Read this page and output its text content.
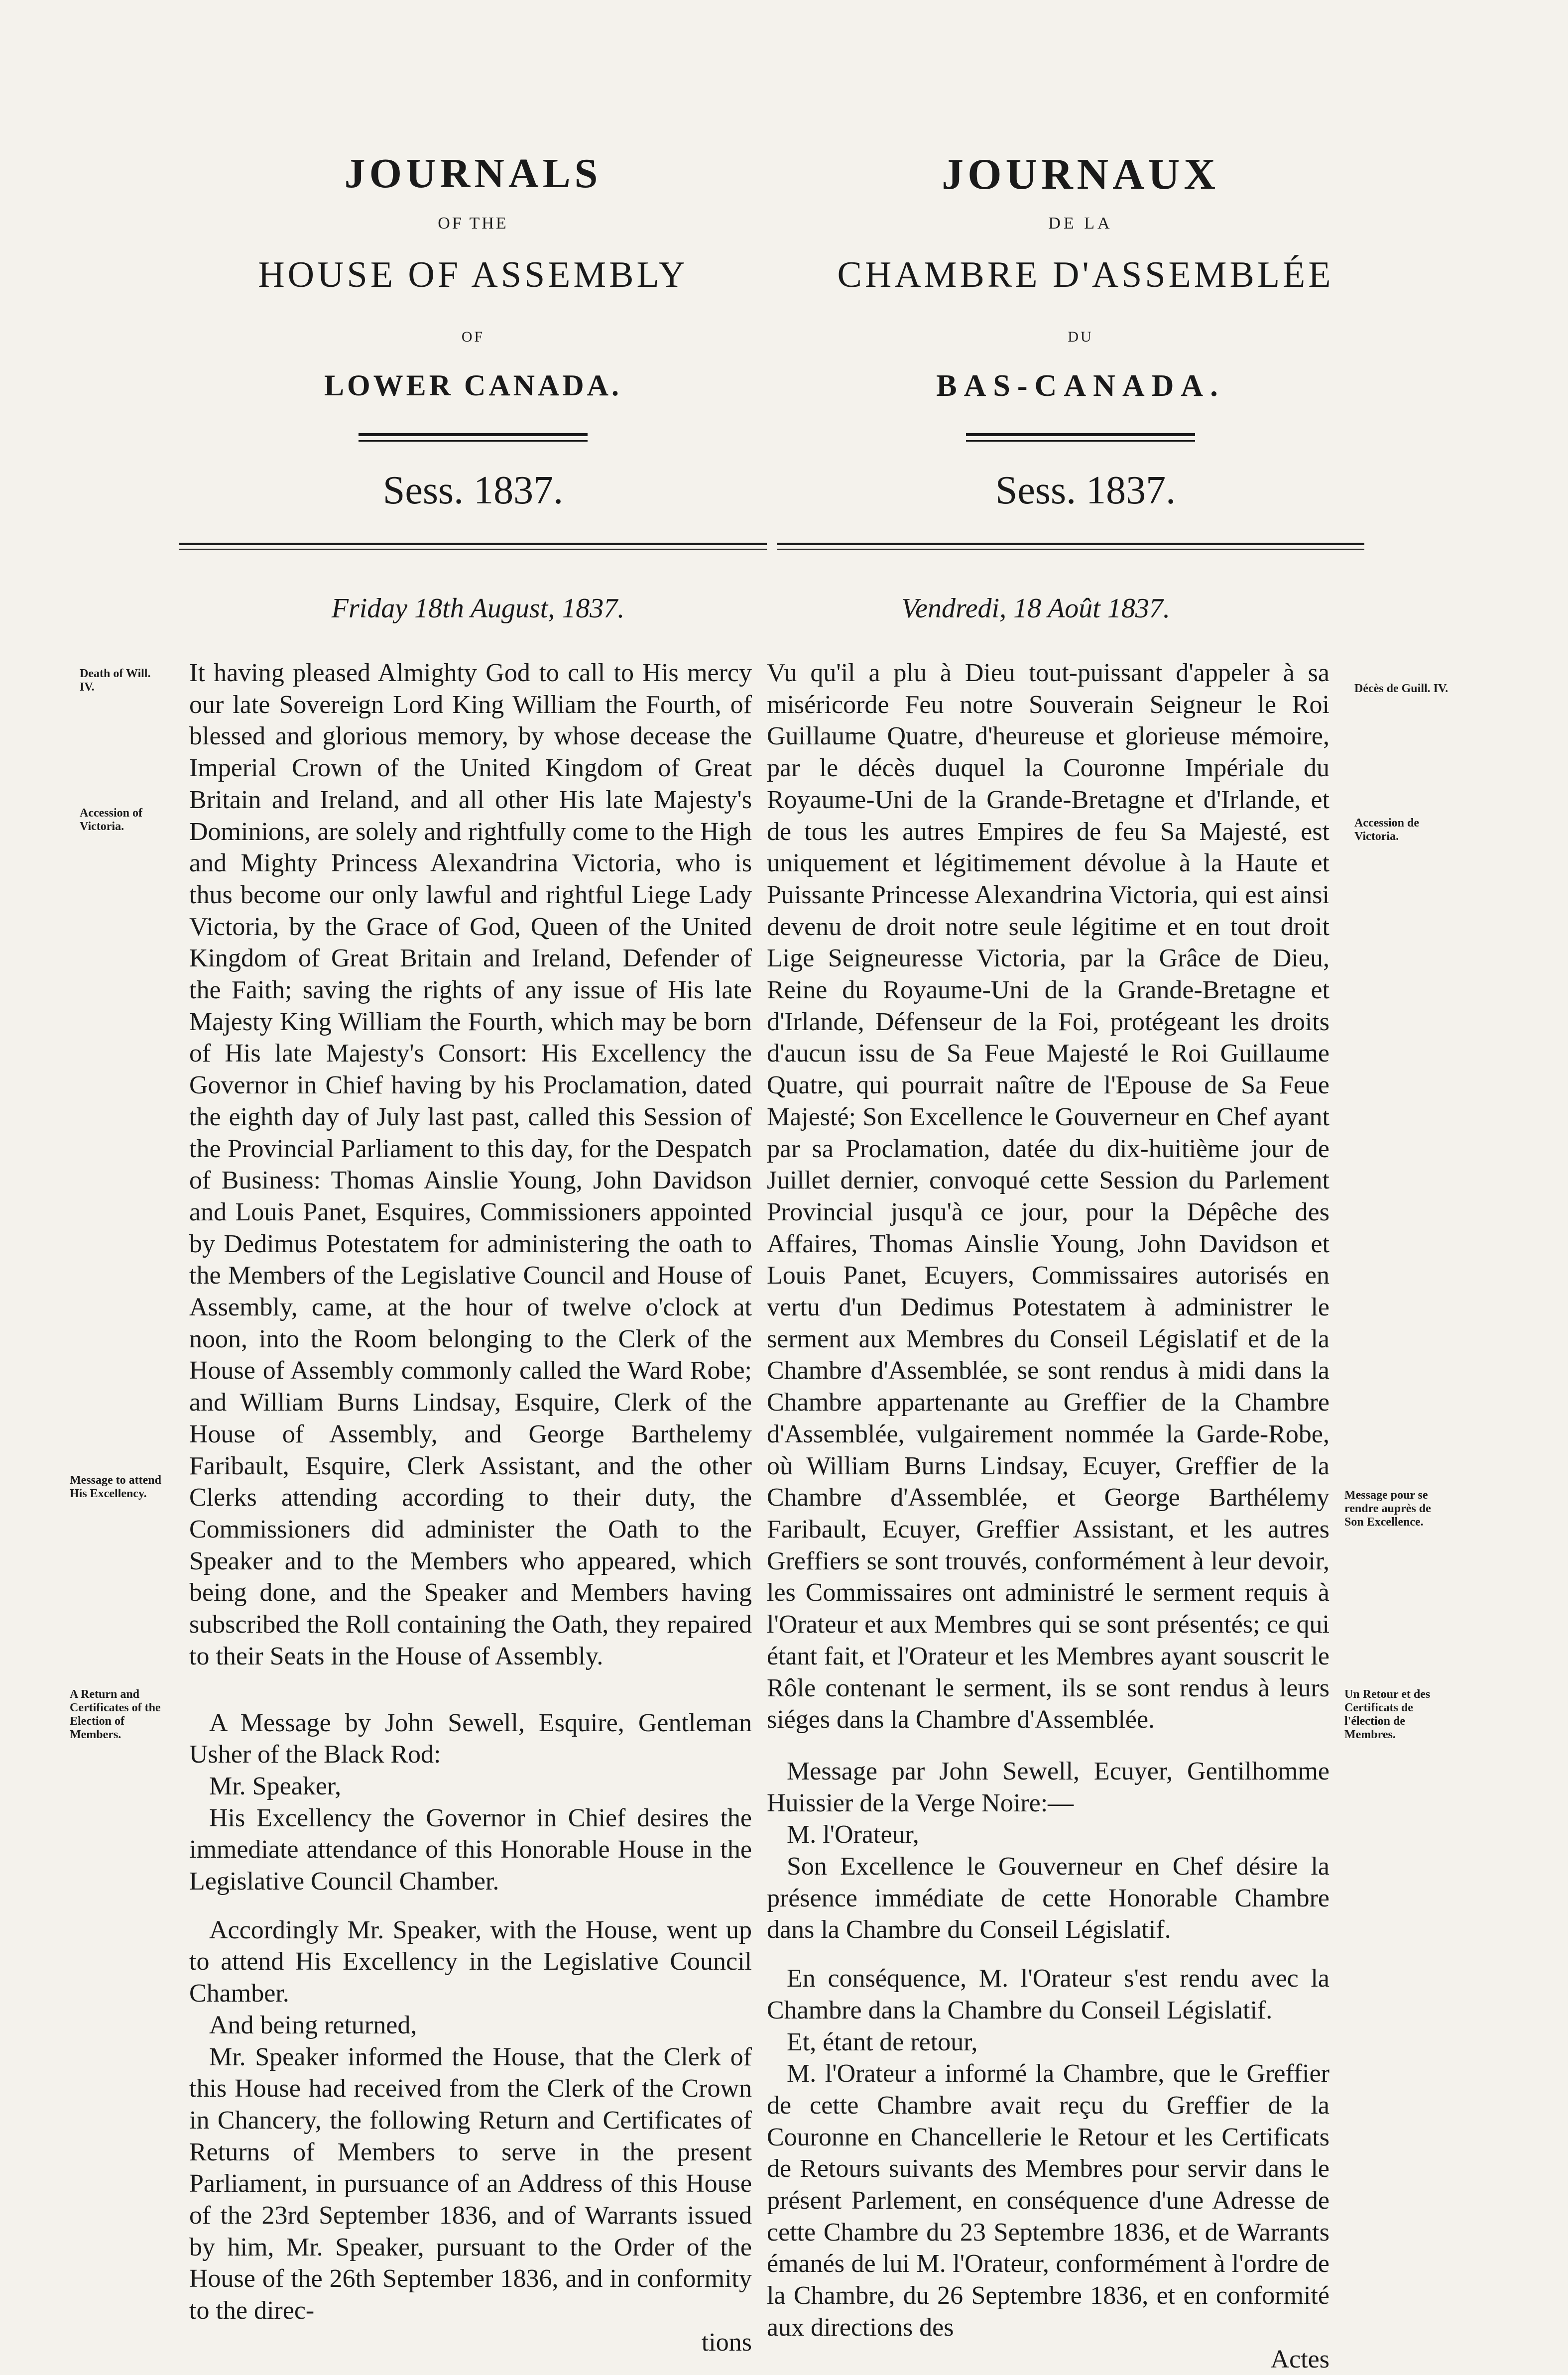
JOURNALS
OF THE
HOUSE OF ASSEMBLY
OF
LOWER CANADA.
Sess. 1837.
JOURNAUX
DE LA
CHAMBRE D'ASSEMBLÉE
DU
BAS-CANADA.
Sess. 1837.
Friday 18th August, 1837.	Vendredi, 18 Août 1837.
Death of Will. IV.
Accession of Victoria.
Message to attend His Excellency.
A Return and Certificates of the Election of Members.
Décès de Guill. IV.
Accession de Victoria.
Message pour se rendre auprès de Son Excellence.
Un Retour et des Certificats de l'élection de Membres.

It having pleased Almighty God to call to His mercy our late Sovereign Lord King William the Fourth, of blessed and glorious memory, by whose decease the Imperial Crown of the United Kingdom of Great Britain and Ireland, and all other His late Majesty's Dominions, are solely and rightfully come to the High and Mighty Princess Alexandrina Victoria, who is thus become our only lawful and rightful Liege Lady Victoria, by the Grace of God, Queen of the United Kingdom of Great Britain and Ireland, Defender of the Faith; saving the rights of any issue of His late Majesty King William the Fourth, which may be born of His late Majesty's Consort: His Excellency the Governor in Chief having by his Proclamation, dated the eighth day of July last past, called this Session of the Provincial Parliament to this day, for the Despatch of Business: Thomas Ainslie Young, John Davidson and Louis Panet, Esquires, Commissioners appointed by Dedimus Potestatem for administering the oath to the Members of the Legislative Council and House of Assembly, came, at the hour of twelve o'clock at noon, into the Room belonging to the Clerk of the House of Assembly commonly called the Ward Robe; and William Burns Lindsay, Esquire, Clerk of the House of Assembly, and George Barthelemy Faribault, Esquire, Clerk Assistant, and the other Clerks attending according to their duty, the Commissioners did administer the Oath to the Speaker and to the Members who appeared, which being done, and the Speaker and Members having subscribed the Roll containing the Oath, they repaired to their Seats in the House of Assembly.

A Message by John Sewell, Esquire, Gentleman Usher of the Black Rod:

Mr. Speaker,

His Excellency the Governor in Chief desires the immediate attendance of this Honorable House in the Legislative Council Chamber.

Accordingly Mr. Speaker, with the House, went up to attend His Excellency in the Legislative Council Chamber.

And being returned,

Mr. Speaker informed the House, that the Clerk of this House had received from the Clerk of the Crown in Chancery, the following Return and Certificates of Returns of Members to serve in the present Parliament, in pursuance of an Address of this House of the 23rd September 1836, and of Warrants issued by him, Mr. Speaker, pursuant to the Order of the House of the 26th September 1836, and in conformity to the direc-

tions

Vu qu'il a plu à Dieu tout-puissant d'appeler à sa miséricorde Feu notre Souverain Seigneur le Roi Guillaume Quatre, d'heureuse et glorieuse mémoire, par le décès duquel la Couronne Impériale du Royaume-Uni de la Grande-Bretagne et d'Irlande, et de tous les autres Empires de feu Sa Majesté, est uniquement et légitimement dévolue à la Haute et Puissante Princesse Alexandrina Victoria, qui est ainsi devenu de droit notre seule légitime et en tout droit Lige Seigneuresse Victoria, par la Grâce de Dieu, Reine du Royaume-Uni de la Grande-Bretagne et d'Irlande, Défenseur de la Foi, protégeant les droits d'aucun issu de Sa Feue Majesté le Roi Guillaume Quatre, qui pourrait naître de l'Epouse de Sa Feue Majesté; Son Excellence le Gouverneur en Chef ayant par sa Proclamation, datée du dix-huitième jour de Juillet dernier, convoqué cette Session du Parlement Provincial jusqu'à ce jour, pour la Dépêche des Affaires, Thomas Ainslie Young, John Davidson et Louis Panet, Ecuyers, Commissaires autorisés en vertu d'un Dedimus Potestatem à administrer le serment aux Membres du Conseil Législatif et de la Chambre d'Assemblée, se sont rendus à midi dans la Chambre appartenante au Greffier de la Chambre d'Assemblée, vulgairement nommée la Garde-Robe, où William Burns Lindsay, Ecuyer, Greffier de la Chambre d'Assemblée, et George Barthélemy Faribault, Ecuyer, Greffier Assistant, et les autres Greffiers se sont trouvés, conformément à leur devoir, les Commissaires ont administré le serment requis à l'Orateur et aux Membres qui se sont présentés; ce qui étant fait, et l'Orateur et les Membres ayant souscrit le Rôle contenant le serment, ils se sont rendus à leurs siéges dans la Chambre d'Assemblée.

Message par John Sewell, Ecuyer, Gentilhomme Huissier de la Verge Noire:—

M. l'Orateur,

Son Excellence le Gouverneur en Chef désire la présence immédiate de cette Honorable Chambre dans la Chambre du Conseil Législatif.

En conséquence, M. l'Orateur s'est rendu avec la Chambre dans la Chambre du Conseil Législatif.

Et, étant de retour,

M. l'Orateur a informé la Chambre, que le Greffier de cette Chambre avait reçu du Greffier de la Couronne en Chancellerie le Retour et les Certificats de Retours suivants des Membres pour servir dans le présent Parlement, en conséquence d'une Adresse de cette Chambre du 23 Septembre 1836, et de Warrants émanés de lui M. l'Orateur, conformément à l'ordre de la Chambre, du 26 Septembre 1836, et en conformité aux directions des

Actes
